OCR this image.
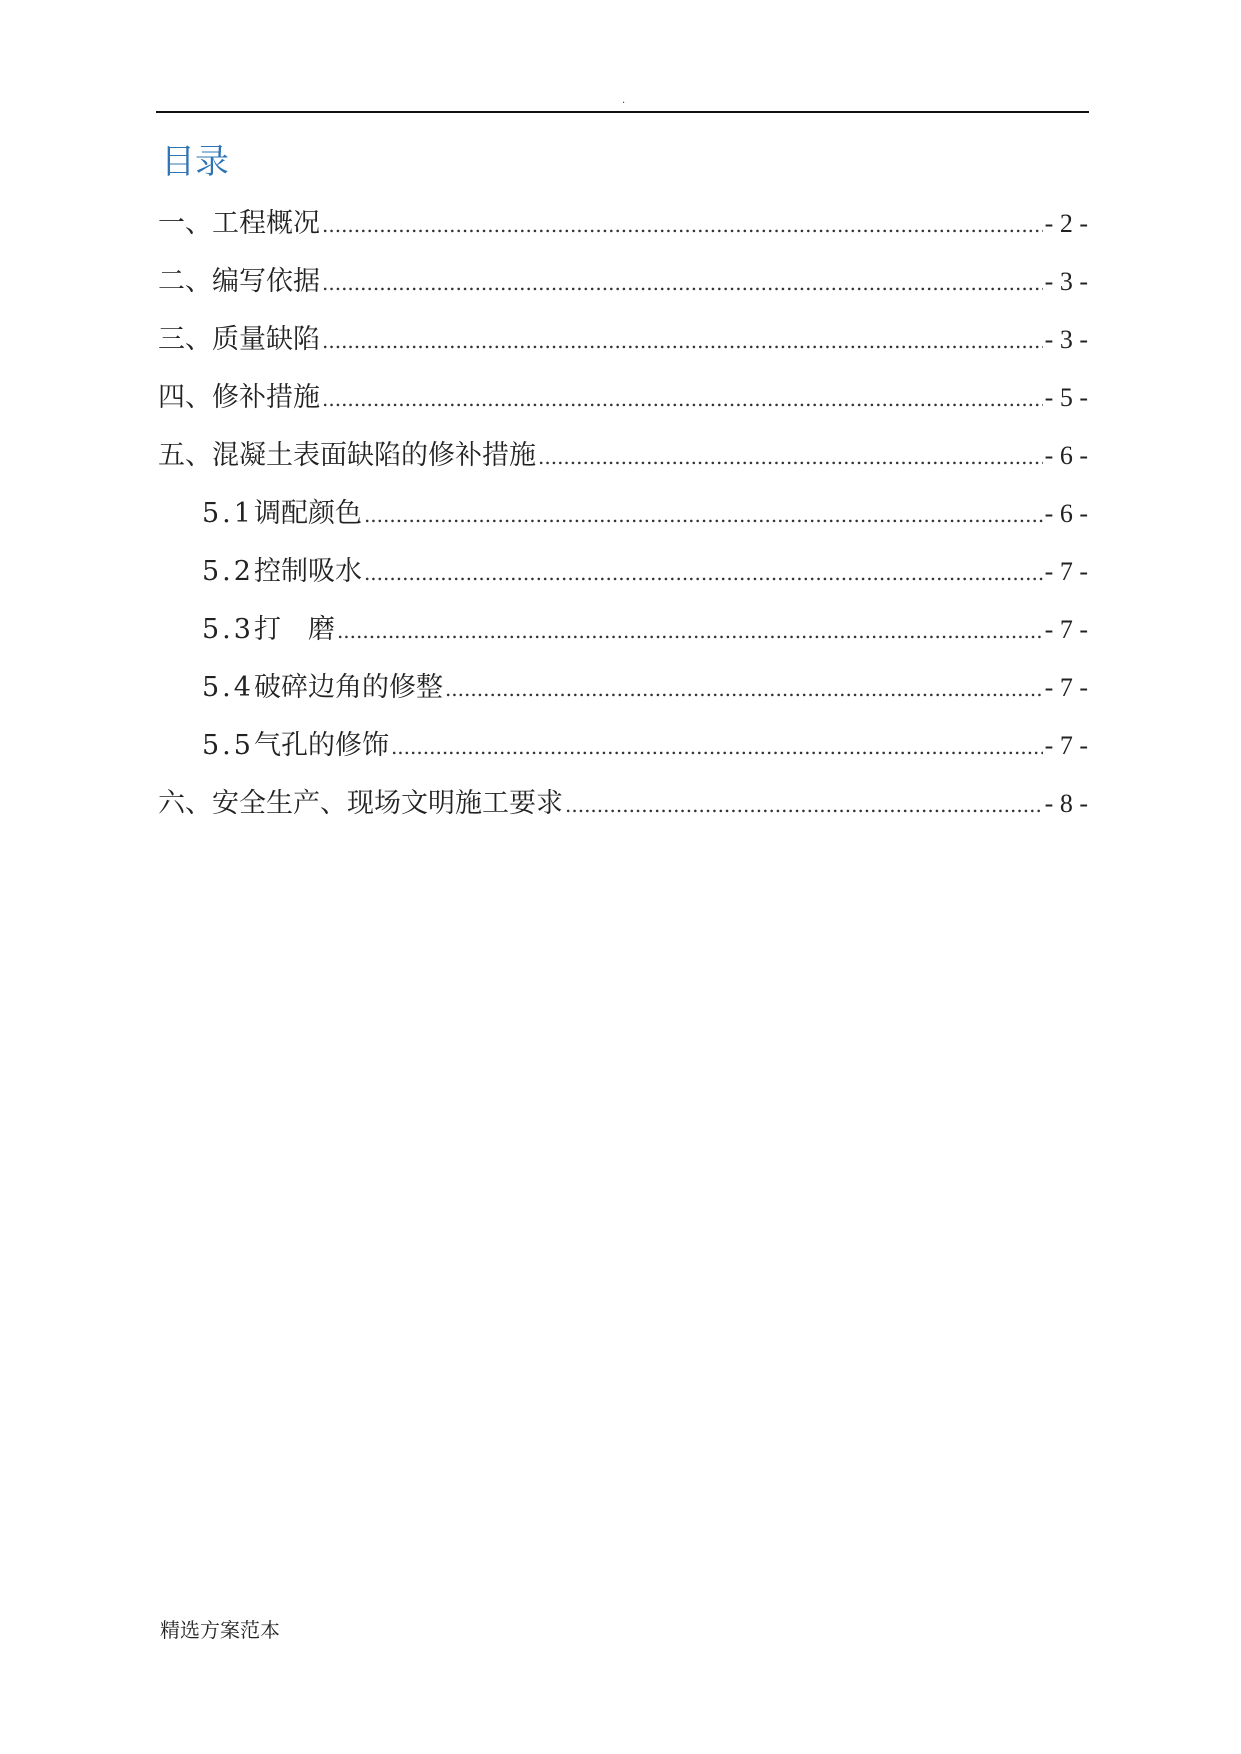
.
目录
一、工程概况 .....	- 2 -
二、编写依据 .....	- 3 -
三、质量缺陷 .....	- 3 -
四、修补措施 .....	- 5 -
五、混凝土表面缺陷的修补措施 .....	- 6 -
5.1 调配颜色 .....	- 6 -
5.2 控制吸水 .....	- 7 -
5.3 打　磨 .....	- 7 -
5.4 破碎边角的修整 .....	- 7 -
5.5 气孔的修饰 .....	- 7 -
六、安全生产、现场文明施工要求 .....	- 8 -
精选方案范本
